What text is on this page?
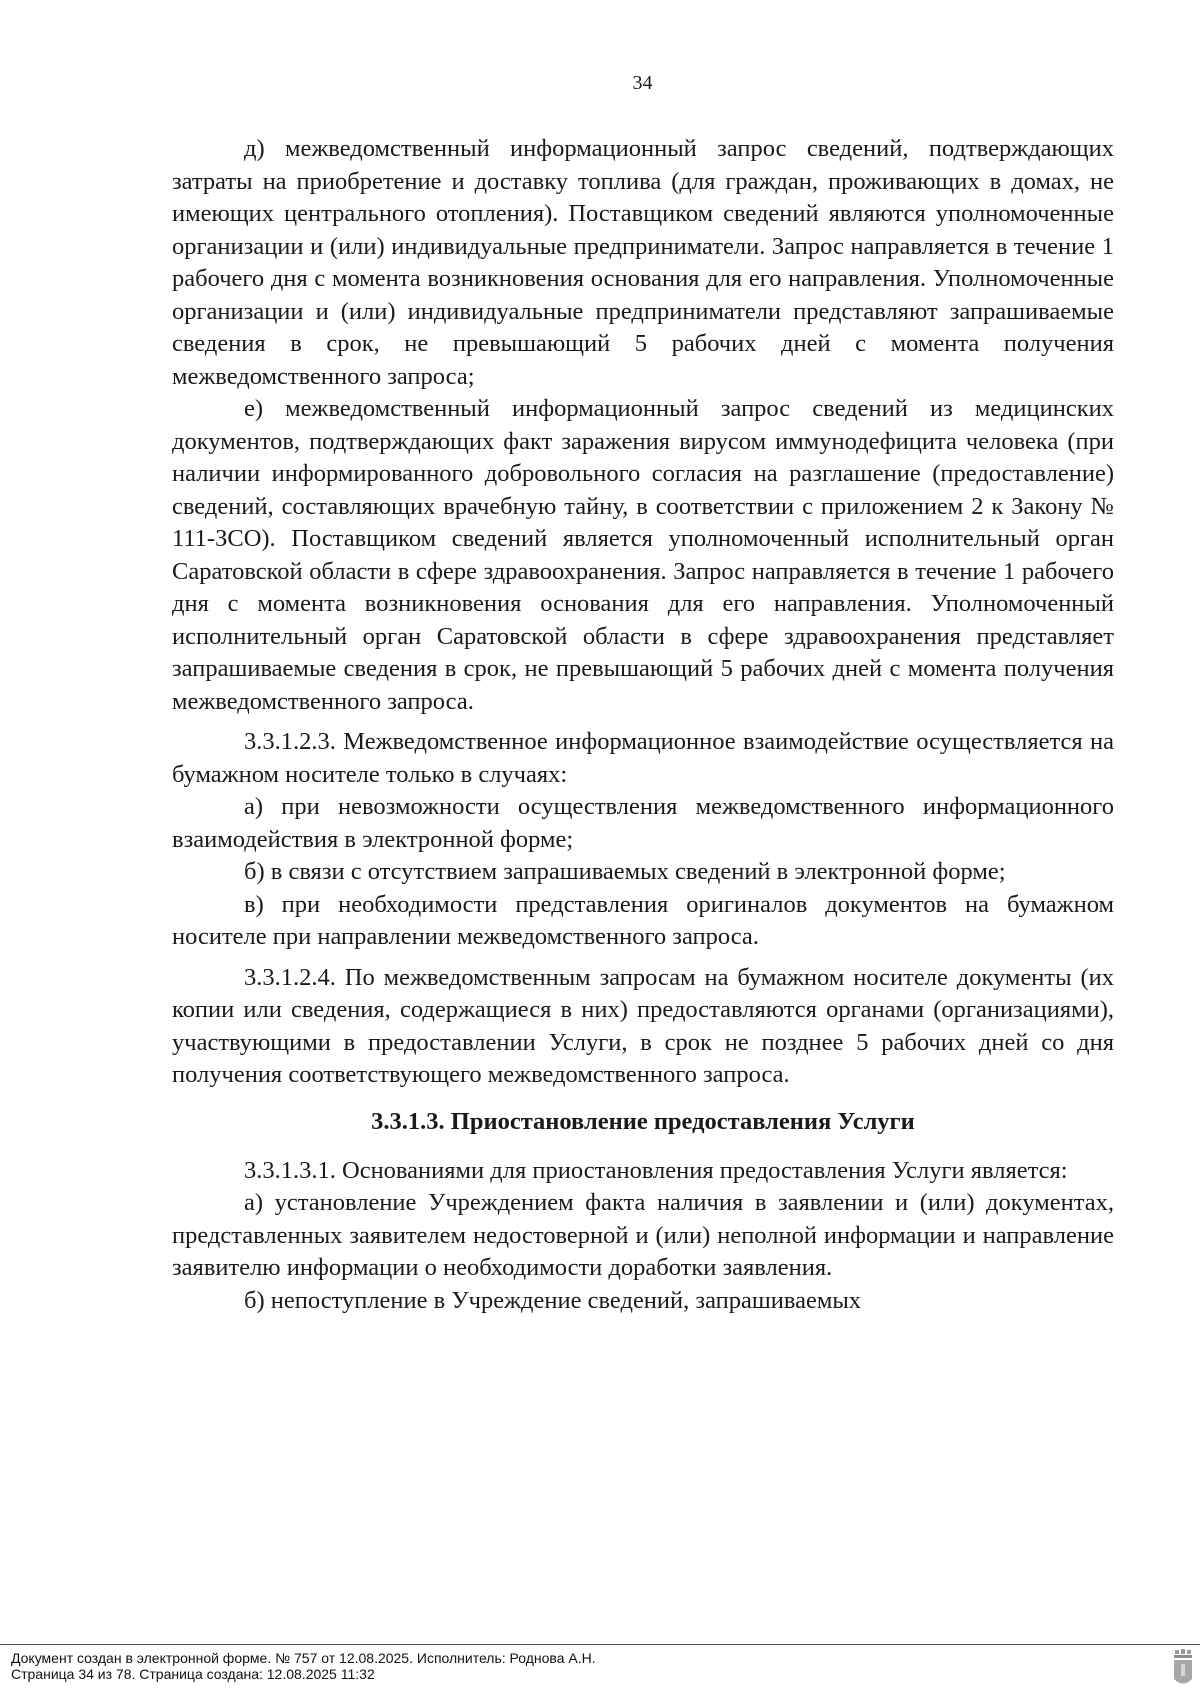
34

д) межведомственный информационный запрос сведений, подтверждающих затраты на приобретение и доставку топлива (для граждан, проживающих в домах, не имеющих центрального отопления). Поставщиком сведений являются уполномоченные организации и (или) индивидуальные предприниматели. Запрос направляется в течение 1 рабочего дня с момента возникновения основания для его направления. Уполномоченные организации и (или) индивидуальные предприниматели представляют запрашиваемые сведения в срок, не превышающий 5 рабочих дней с момента получения межведомственного запроса;

е) межведомственный информационный запрос сведений из медицинских документов, подтверждающих факт заражения вирусом иммунодефицита человека (при наличии информированного добровольного согласия на разглашение (предоставление) сведений, составляющих врачебную тайну, в соответствии с приложением 2 к Закону № 111-ЗСО). Поставщиком сведений является уполномоченный исполнительный орган Саратовской области в сфере здравоохранения. Запрос направляется в течение 1 рабочего дня с момента возникновения основания для его направления. Уполномоченный исполнительный орган Саратовской области в сфере здравоохранения представляет запрашиваемые сведения в срок, не превышающий 5 рабочих дней с момента получения межведомственного запроса.

3.3.1.2.3. Межведомственное информационное взаимодействие осуществляется на бумажном носителе только в случаях:

а) при невозможности осуществления межведомственного информационного взаимодействия в электронной форме;

б) в связи с отсутствием запрашиваемых сведений в электронной форме;

в) при необходимости представления оригиналов документов на бумажном носителе при направлении межведомственного запроса.

3.3.1.2.4. По межведомственным запросам на бумажном носителе документы (их копии или сведения, содержащиеся в них) предоставляются органами (организациями), участвующими в предоставлении Услуги, в срок не позднее 5 рабочих дней со дня получения соответствующего межведомственного запроса.

3.3.1.3. Приостановление предоставления Услуги

3.3.1.3.1. Основаниями для приостановления предоставления Услуги является:

а) установление Учреждением факта наличия в заявлении и (или) документах, представленных заявителем недостоверной и (или) неполной информации и направление заявителю информации о необходимости доработки заявления.

б) непоступление в Учреждение сведений, запрашиваемых

Документ создан в электронной форме. № 757 от 12.08.2025. Исполнитель: Роднова А.Н.
Страница 34 из 78. Страница создана: 12.08.2025 11:32
